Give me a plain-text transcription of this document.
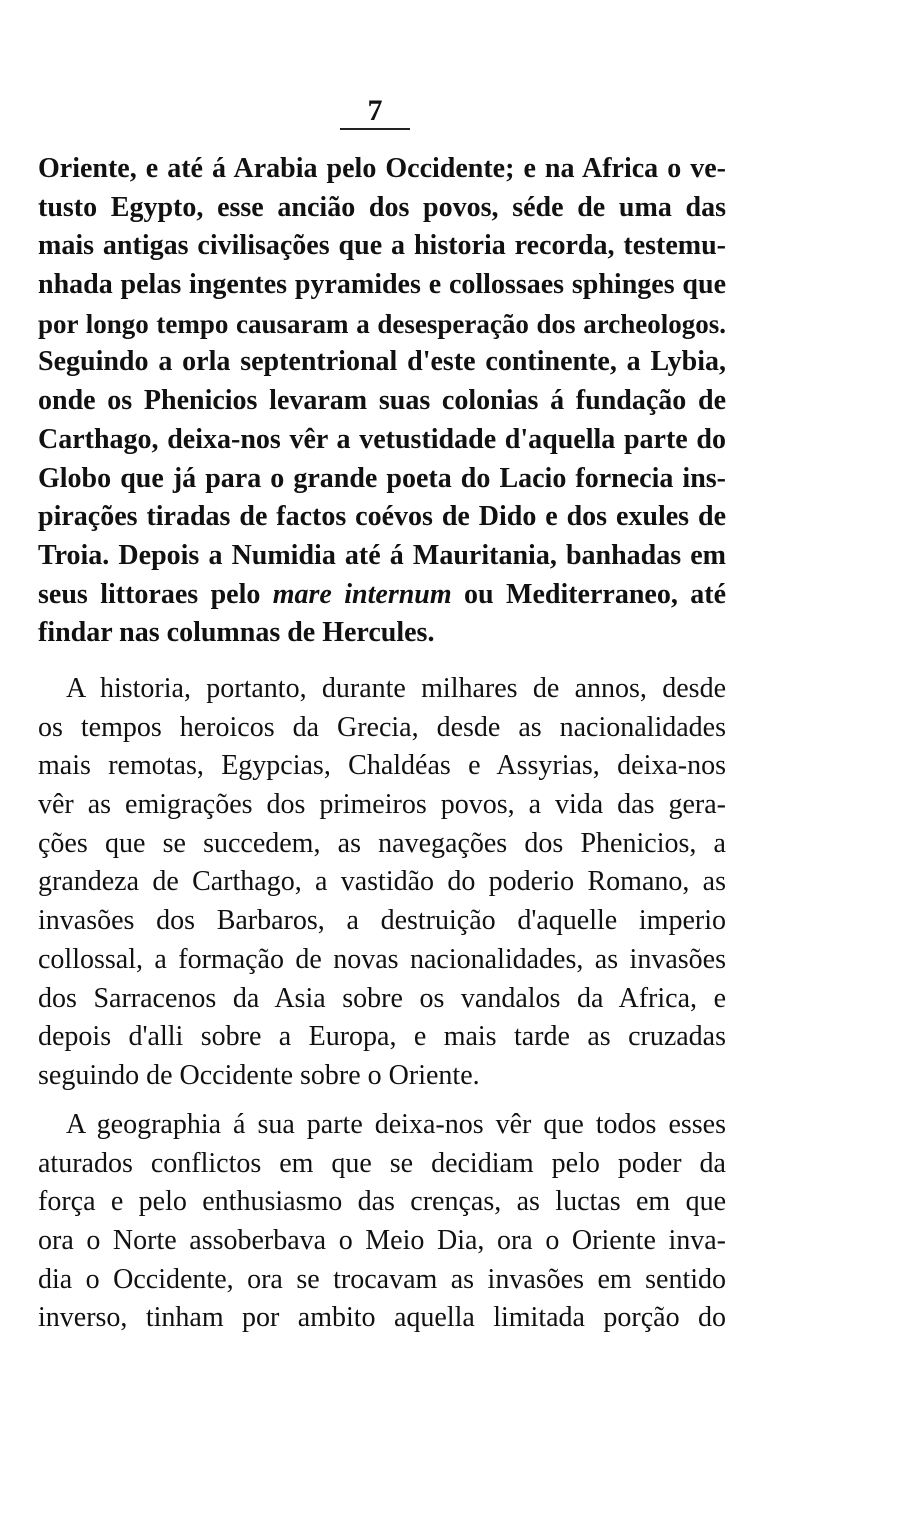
7
Oriente, e até á Arabia pelo Occidente; e na Africa o ve-
tusto Egypto, esse ancião dos povos, séde de uma das
mais antigas civilisações que a historia recorda, testemu-
nhada pelas ingentes pyramides e collossaes sphinges que
por longo tempo causaram a desesperação dos archeologos.
Seguindo a orla septentrional d'este continente, a Lybia,
onde os Phenicios levaram suas colonias á fundação de
Carthago, deixa-nos vêr a vetustidade d'aquella parte do
Globo que já para o grande poeta do Lacio fornecia ins-
pirações tiradas de factos coévos de Dido e dos exules de
Troia. Depois a Numidia até á Mauritania, banhadas em
seus littoraes pelo mare internum ou Mediterraneo, até
findar nas columnas de Hercules.
A historia, portanto, durante milhares de annos, desde
os tempos heroicos da Grecia, desde as nacionalidades
mais remotas, Egypcias, Chaldéas e Assyrias, deixa-nos
vêr as emigrações dos primeiros povos, a vida das gera-
ções que se succedem, as navegações dos Phenicios, a
grandeza de Carthago, a vastidão do poderio Romano, as
invasões dos Barbaros, a destruição d'aquelle imperio
collossal, a formação de novas nacionalidades, as invasões
dos Sarracenos da Asia sobre os vandalos da Africa, e
depois d'alli sobre a Europa, e mais tarde as cruzadas
seguindo de Occidente sobre o Oriente.
A geographia á sua parte deixa-nos vêr que todos esses
aturados conflictos em que se decidiam pelo poder da
força e pelo enthusiasmo das crenças, as luctas em que
ora o Norte assoberbava o Meio Dia, ora o Oriente inva-
dia o Occidente, ora se trocavam as invasões em sentido
inverso, tinham por ambito aquella limitada porção do
